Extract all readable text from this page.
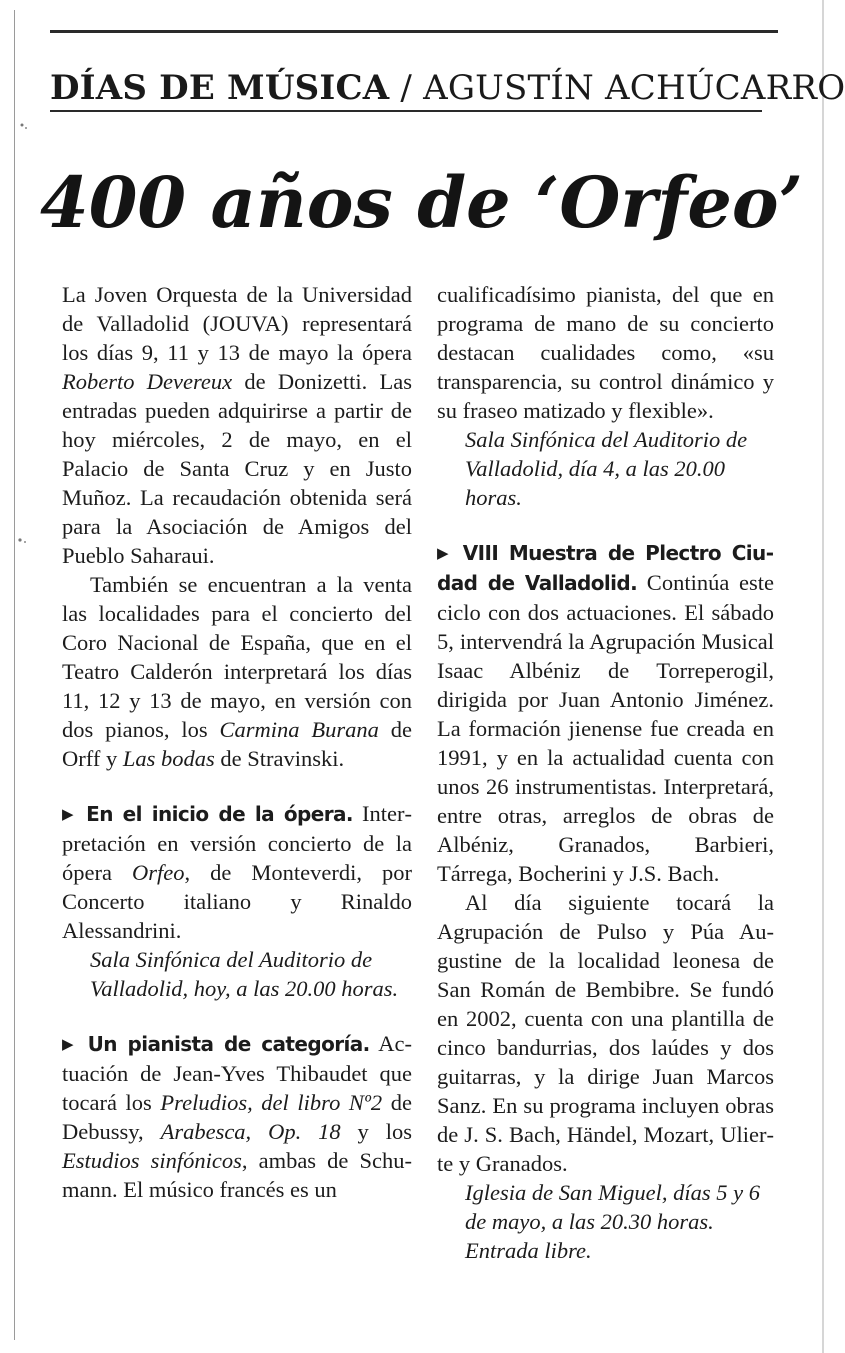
DÍAS DE MÚSICA / AGUSTÍN ACHÚCARRO
400 años de ‘Orfeo’

La Joven Orquesta de la Universidad de Valladolid (JOUVA) representará los días 9, 11 y 13 de mayo la ópera Roberto Devereux de Donizetti. Las entradas pueden adquirirse a partir de hoy miércoles, 2 de mayo, en el Palacio de Santa Cruz y en Justo Muñoz. La recaudación obtenida será para la Asociación de Amigos del Pueblo Saharaui.

También se encuentran a la venta las localidades para el concierto del Coro Nacional de España, que en el Teatro Calderón interpretará los días 11, 12 y 13 de mayo, en versión con dos pianos, los Carmina Burana de Orff y Las bodas de Stravinski.

▶ En el inicio de la ópera. Interpretación en versión concierto de la ópera Orfeo, de Monteverdi, por Concerto italiano y Rinaldo Alessandrini.

Sala Sinfónica del Auditorio de Valladolid, hoy, a las 20.00 horas.

▶ Un pianista de categoría. Actuación de Jean-Yves Thibaudet que tocará los Preludios, del libro Nº2 de Debussy, Arabesca, Op. 18 y los Estudios sinfónicos, ambas de Schumann. El músico francés es un

cualificadísimo pianista, del que en programa de mano de su concierto destacan cualidades como, «su transparencia, su control dinámico y su fraseo matizado y flexible».

Sala Sinfónica del Auditorio de Valladolid, día 4, a las 20.00 horas.

▶ VIII Muestra de Plectro Ciudad de Valladolid. Continúa este ciclo con dos actuaciones. El sábado 5, intervendrá la Agrupación Musical Isaac Albéniz de Torreperogil, dirigida por Juan Antonio Jiménez. La formación jienense fue creada en 1991, y en la actualidad cuenta con unos 26 instrumentistas. Interpretará, entre otras, arreglos de obras de Albéniz, Granados, Barbieri, Tárrega, Bocherini y J.S. Bach.

Al día siguiente tocará la Agrupación de Pulso y Púa Augustine de la localidad leonesa de San Román de Bembibre. Se fundó en 2002, cuenta con una plantilla de cinco bandurrias, dos laúdes y dos guitarras, y la dirige Juan Marcos Sanz. En su programa incluyen obras de J. S. Bach, Händel, Mozart, Ulierte y Granados.

Iglesia de San Miguel, días 5 y 6 de mayo, a las 20.30 horas. Entrada libre.
